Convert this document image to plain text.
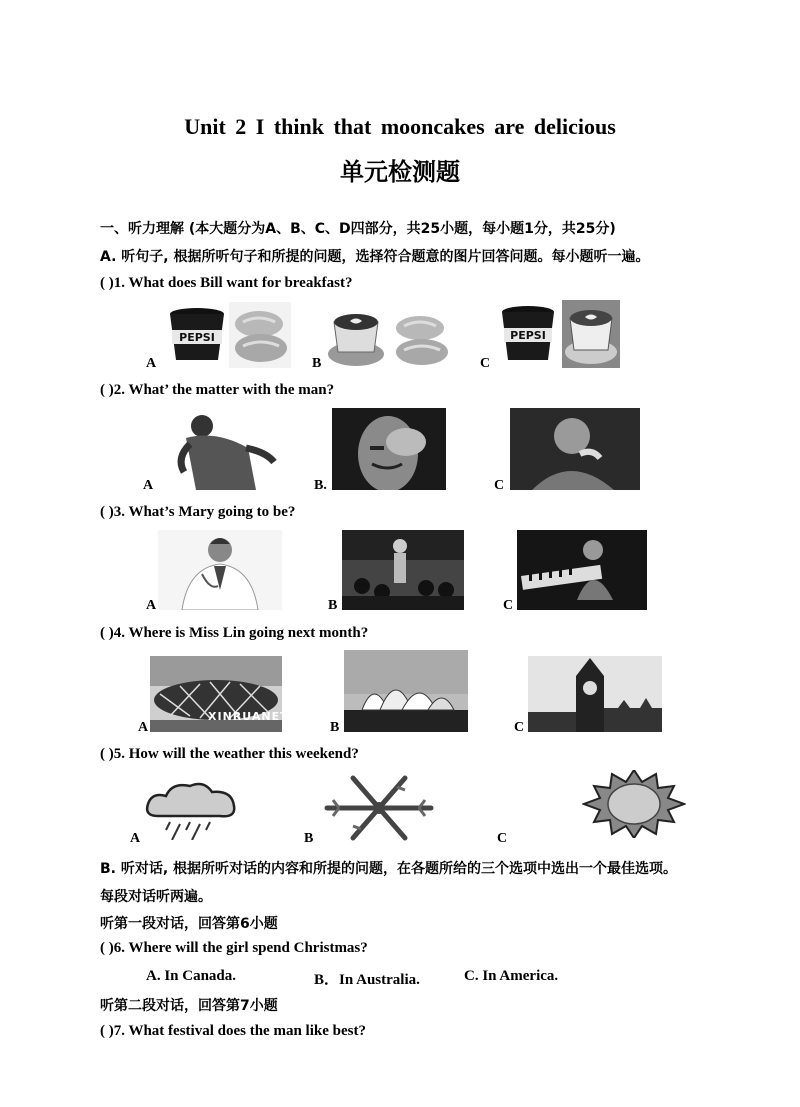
Unit 2 I think that mooncakes are delicious
单元检测题
一、听力理解 (本大题分为A、B、C、D四部分，共25小题，每小题1分，共25分)
A. 听句子, 根据所听句子和所提的问题，选择符合题意的图片回答问题。每小题听一遍。
( )1. What does Bill want for breakfast?
PEPSI
A	B
PEPSI
C
( )2. What’ the matter with the man?
A	B.	C
( )3. What’s Mary going to be?
A	B	C
( )4. Where is Miss Lin going next month?
XINRUANET
A	B	C
( )5. How will the weather this weekend?
A	B	C
B. 听对话, 根据所听对话的内容和所提的问题，在各题所给的三个选项中选出一个最佳选项。
每段对话听两遍。
听第一段对话，回答第6小题
( )6. Where will the girl spend Christmas?
A. In Canada.	B．In Australia.	C. In America.
听第二段对话，回答第7小题
( )7. What festival does the man like best?
